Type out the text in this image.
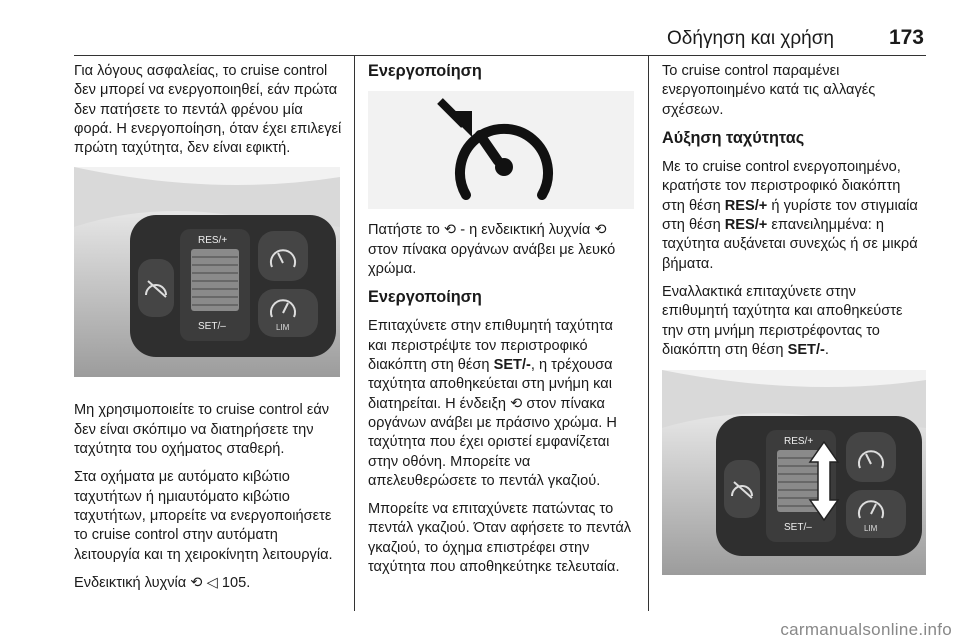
Οδήγηση και χρήση	173

Για λόγους ασφαλείας, το cruise control δεν μπορεί να ενεργοποιηθεί, εάν πρώτα δεν πατήσετε το πεντάλ φρένου μία φορά. Η ενεργοποίηση, όταν έχει επιλεγεί πρώτη ταχύτητα, δεν είναι εφικτή.

RES/+
SET/–	LIM

Μη χρησιμοποιείτε το cruise control εάν δεν είναι σκόπιμο να διατηρήσετε την ταχύτητα του οχήματος σταθερή.

Στα οχήματα με αυτόματο κιβώτιο ταχυτήτων ή ημιαυτόματο κιβώτιο ταχυτήτων, μπορείτε να ενεργοποιήσετε το cruise control στην αυτόματη λειτουργία και τη χειροκίνητη λειτουργία.

Ενδεικτική λυχνία ⟲ ◁ 105.

Ενεργοποίηση

Πατήστε το ⟲ - η ενδεικτική λυχνία ⟲ στον πίνακα οργάνων ανάβει με λευκό χρώμα.

Ενεργοποίηση

Επιταχύνετε στην επιθυμητή ταχύτητα και περιστρέψτε τον περιστροφικό διακόπτη στη θέση SET/-, η τρέχουσα ταχύτητα αποθηκεύεται στη μνήμη και διατηρείται. Η ένδειξη ⟲ στον πίνακα οργάνων ανάβει με πράσινο χρώμα. Η ταχύτητα που έχει οριστεί εμφανίζεται στην οθόνη. Μπορείτε να απελευθερώσετε το πεντάλ γκαζιού.

Μπορείτε να επιταχύνετε πατώντας το πεντάλ γκαζιού. Όταν αφήσετε το πεντάλ γκαζιού, το όχημα επιστρέφει στην ταχύτητα που αποθηκεύτηκε τελευταία.

Το cruise control παραμένει ενεργοποιημένο κατά τις αλλαγές σχέσεων.

Αύξηση ταχύτητας

Με το cruise control ενεργοποιημένο, κρατήστε τον περιστροφικό διακόπτη στη θέση RES/+ ή γυρίστε τον στιγμιαία στη θέση RES/+ επανειλημμένα: η ταχύτητα αυξάνεται συνεχώς ή σε μικρά βήματα.

Εναλλακτικά επιταχύνετε στην επιθυμητή ταχύτητα και αποθηκεύστε την στη μνήμη περιστρέφοντας το διακόπτη στη θέση SET/-.

RES/+
SET/–	LIM
carmanualsonline.info
